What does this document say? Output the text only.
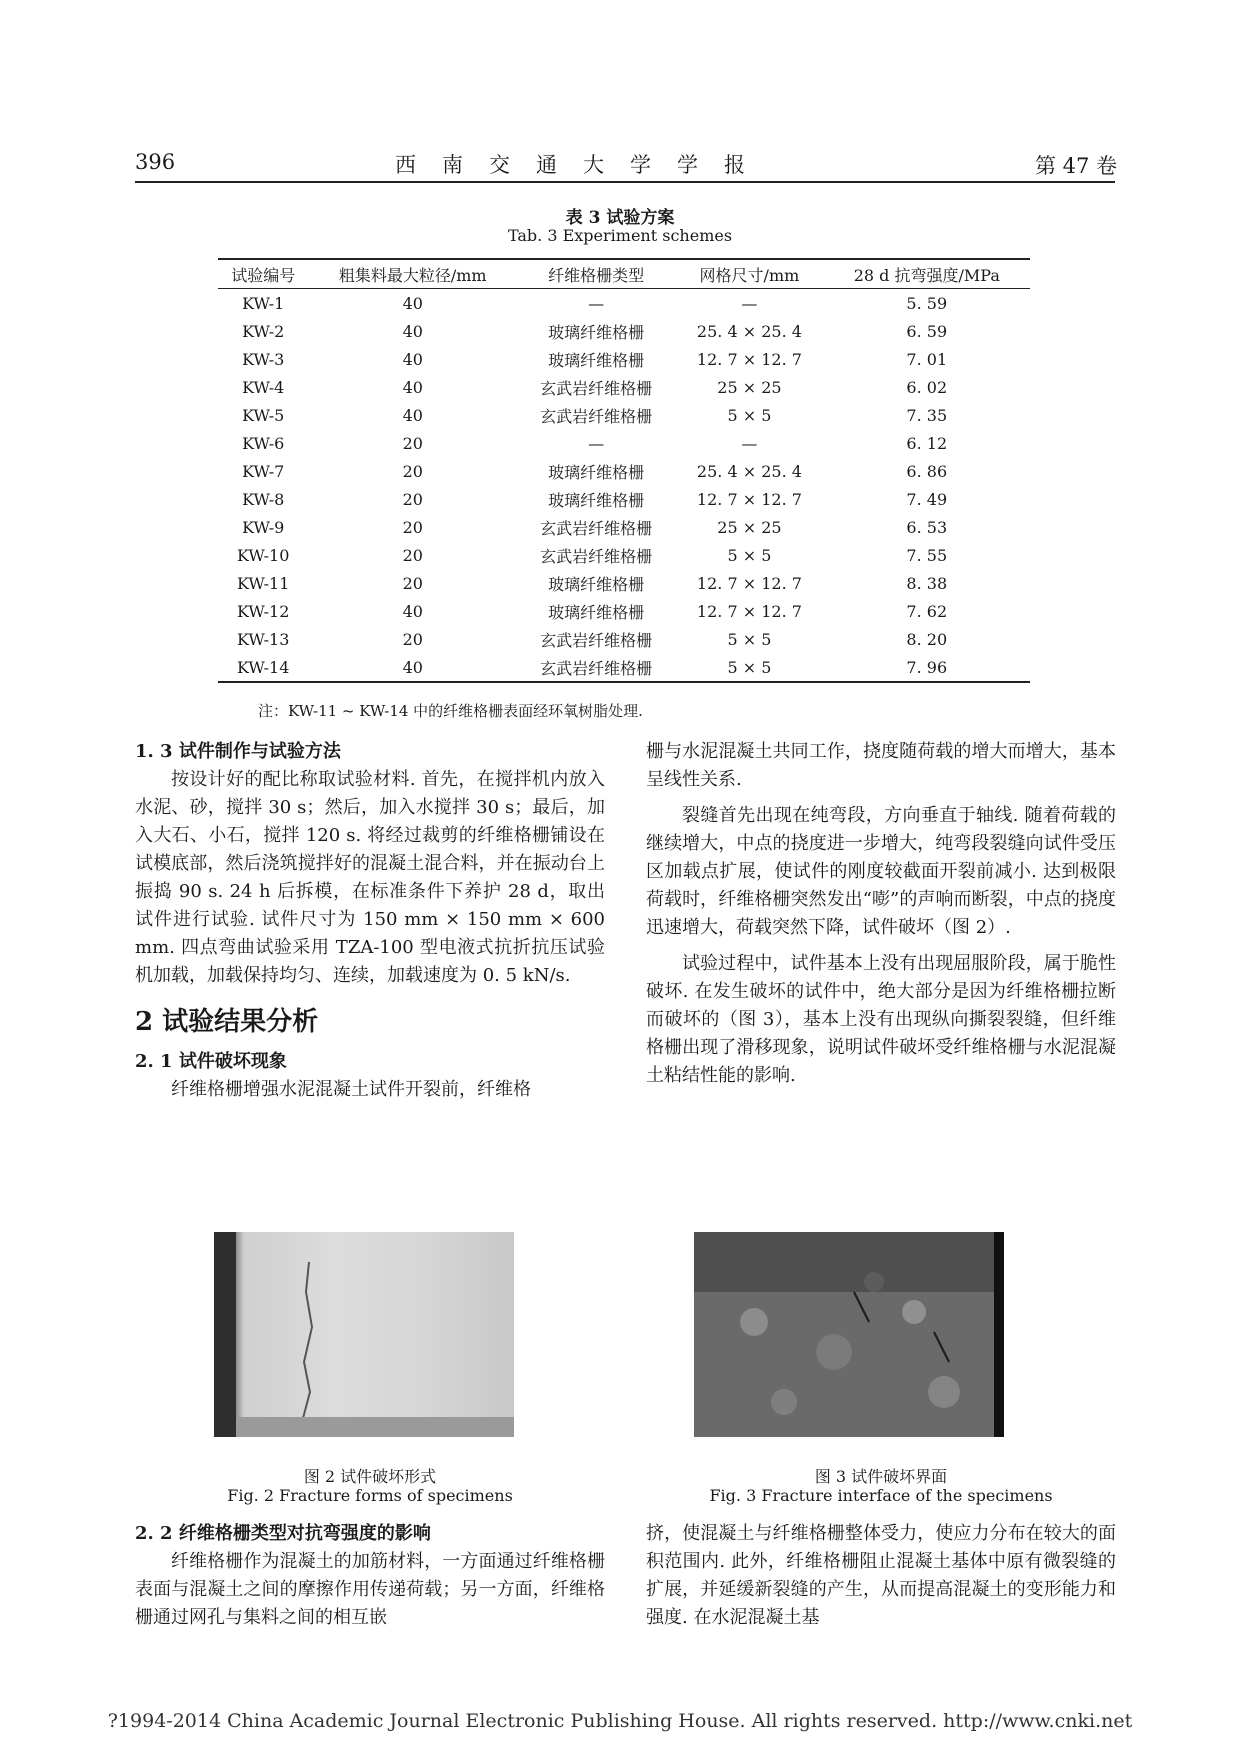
396	西南交通大学学报	第 47 卷
表 3 试验方案
Tab. 3 Experiment schemes
试验编号	粗集料最大粒径/mm	纤维格栅类型	网格尺寸/mm	28 d 抗弯强度/MPa
KW-1	40	—	—	5. 59
KW-2	40	玻璃纤维格栅	25. 4 × 25. 4	6. 59
KW-3	40	玻璃纤维格栅	12. 7 × 12. 7	7. 01
KW-4	40	玄武岩纤维格栅	25 × 25	6. 02
KW-5	40	玄武岩纤维格栅	5 × 5	7. 35
KW-6	20	—	—	6. 12
KW-7	20	玻璃纤维格栅	25. 4 × 25. 4	6. 86
KW-8	20	玻璃纤维格栅	12. 7 × 12. 7	7. 49
KW-9	20	玄武岩纤维格栅	25 × 25	6. 53
KW-10	20	玄武岩纤维格栅	5 × 5	7. 55
KW-11	20	玻璃纤维格栅	12. 7 × 12. 7	8. 38
KW-12	40	玻璃纤维格栅	12. 7 × 12. 7	7. 62
KW-13	20	玄武岩纤维格栅	5 × 5	8. 20
KW-14	40	玄武岩纤维格栅	5 × 5	7. 96
注：KW-11 ~ KW-14 中的纤维格栅表面经环氧树脂处理.

1. 3 试件制作与试验方法

按设计好的配比称取试验材料. 首先，在搅拌机内放入水泥、砂，搅拌 30 s；然后，加入水搅拌 30 s；最后，加入大石、小石，搅拌 120 s. 将经过裁剪的纤维格栅铺设在试模底部，然后浇筑搅拌好的混凝土混合料，并在振动台上振捣 90 s. 24 h 后拆模，在标准条件下养护 28 d，取出试件进行试验. 试件尺寸为 150 mm × 150 mm × 600 mm. 四点弯曲试验采用 TZA-100 型电液式抗折抗压试验机加载，加载保持均匀、连续，加载速度为 0. 5 kN/s.

2 试验结果分析

2. 1 试件破坏现象

纤维格栅增强水泥混凝土试件开裂前，纤维格

栅与水泥混凝土共同工作，挠度随荷载的增大而增大，基本呈线性关系.

裂缝首先出现在纯弯段，方向垂直于轴线. 随着荷载的继续增大，中点的挠度进一步增大，纯弯段裂缝向试件受压区加载点扩展，使试件的刚度较截面开裂前减小. 达到极限荷载时，纤维格栅突然发出“嘭”的声响而断裂，中点的挠度迅速增大，荷载突然下降，试件破坏（图 2）.

试验过程中，试件基本上没有出现屈服阶段，属于脆性破坏. 在发生破坏的试件中，绝大部分是因为纤维格栅拉断而破坏的（图 3），基本上没有出现纵向撕裂裂缝，但纤维格栅出现了滑移现象，说明试件破坏受纤维格栅与水泥混凝土粘结性能的影响.

图 2 试件破坏形式
Fig. 2 Fracture forms of specimens
图 3 试件破坏界面
Fig. 3 Fracture interface of the specimens

2. 2 纤维格栅类型对抗弯强度的影响

纤维格栅作为混凝土的加筋材料，一方面通过纤维格栅表面与混凝土之间的摩擦作用传递荷载；另一方面，纤维格栅通过网孔与集料之间的相互嵌

挤，使混凝土与纤维格栅整体受力，使应力分布在较大的面积范围内. 此外，纤维格栅阻止混凝土基体中原有微裂缝的扩展，并延缓新裂缝的产生，从而提高混凝土的变形能力和强度. 在水泥混凝土基

?1994-2014 China Academic Journal Electronic Publishing House. All rights reserved. http://www.cnki.net
